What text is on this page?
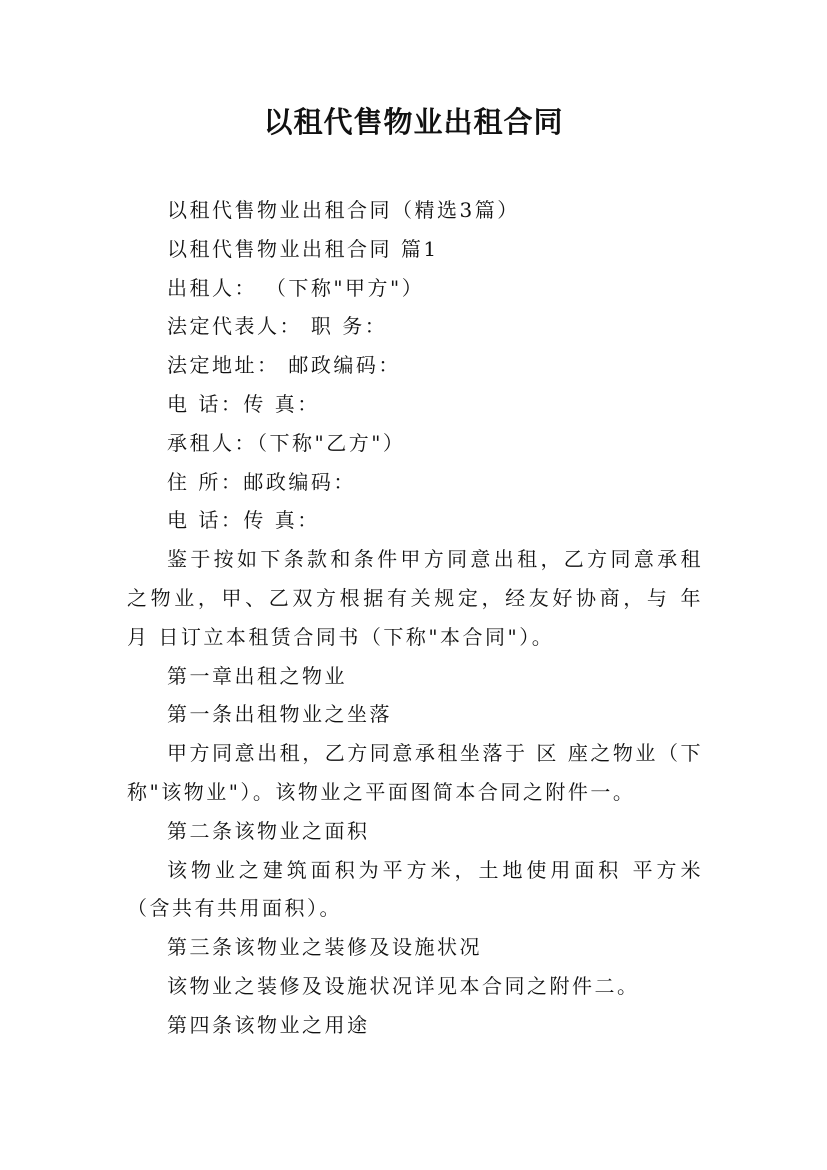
以租代售物业出租合同

以租代售物业出租合同（精选3篇）

以租代售物业出租合同 篇1

出租人： （下称"甲方"）

法定代表人： 职 务：

法定地址： 邮政编码：

电 话：传 真：

承租人：（下称"乙方"）

住 所：邮政编码：

电 话：传 真：

鉴于按如下条款和条件甲方同意出租，乙方同意承租之物业，甲、乙双方根据有关规定，经友好协商，与 年 月 日订立本租赁合同书（下称"本合同"）。

第一章出租之物业

第一条出租物业之坐落

甲方同意出租，乙方同意承租坐落于 区 座之物业（下称"该物业"）。该物业之平面图简本合同之附件一。

第二条该物业之面积

该物业之建筑面积为平方米，土地使用面积 平方米（含共有共用面积）。

第三条该物业之装修及设施状况

该物业之装修及设施状况详见本合同之附件二。

第四条该物业之用途
